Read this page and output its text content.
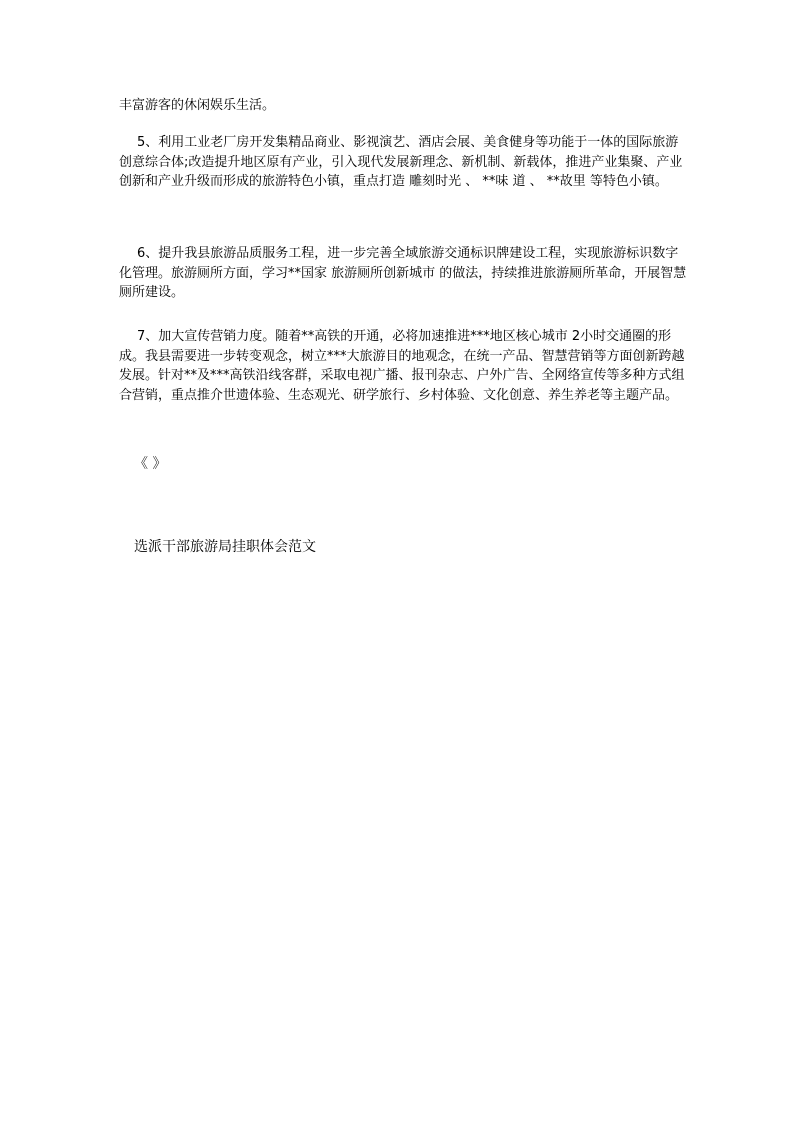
丰富游客的休闲娱乐生活。

5、利用工业老厂房开发集精品商业、影视演艺、酒店会展、美食健身等功能于一体的国际旅游创意综合体;改造提升地区原有产业，引入现代发展新理念、新机制、新载体，推进产业集聚、产业创新和产业升级而形成的旅游特色小镇，重点打造 雕刻时光 、 **味 道 、 **故里 等特色小镇。

6、提升我县旅游品质服务工程，进一步完善全域旅游交通标识牌建设工程，实现旅游标识数字化管理。旅游厕所方面，学习**国家 旅游厕所创新城市 的做法，持续推进旅游厕所革命，开展智慧厕所建设。

7、加大宣传营销力度。随着**高铁的开通，必将加速推进***地区核心城市 2小时交通圈的形成。我县需要进一步转变观念，树立***大旅游目的地观念，在统一产品、智慧营销等方面创新跨越发展。针对**及***高铁沿线客群，采取电视广播、报刊杂志、户外广告、全网络宣传等多种方式组合营销，重点推介世遗体验、生态观光、研学旅行、乡村体验、文化创意、养生养老等主题产品。

《 》

选派干部旅游局挂职体会范文
